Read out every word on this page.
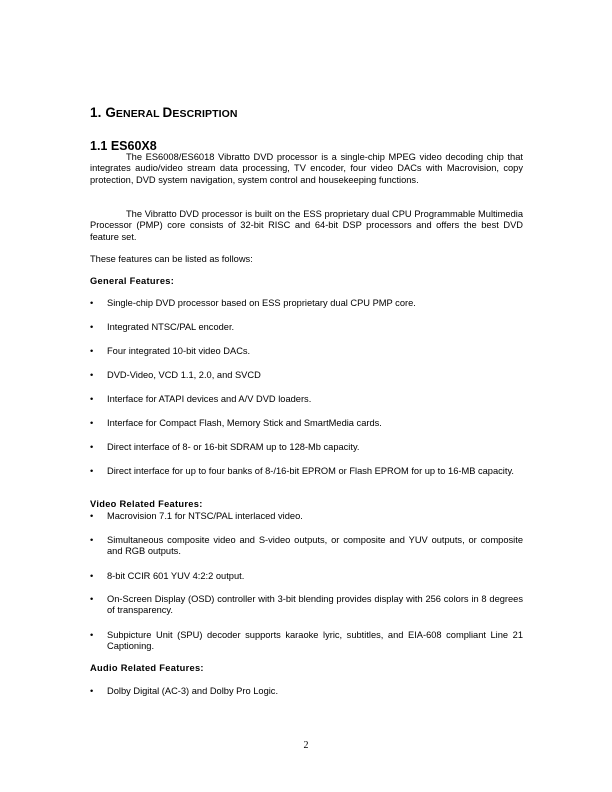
1. GENERAL DESCRIPTION
1.1 ES60X8
The ES6008/ES6018 Vibratto DVD processor is a single-chip MPEG video decoding chip that integrates audio/video stream data processing, TV encoder, four video DACs with Macrovision, copy protection, DVD system navigation, system control and housekeeping functions.
The Vibratto DVD processor is built on the ESS proprietary dual CPU Programmable Multimedia Processor (PMP) core consists of 32-bit RISC and 64-bit DSP processors and offers the best DVD feature set.
These features can be listed as follows:
General Features:
•	Single-chip DVD processor based on ESS proprietary dual CPU PMP core.
•	Integrated NTSC/PAL encoder.
•	Four integrated 10-bit video DACs.
•	DVD-Video, VCD 1.1, 2.0, and SVCD
•	Interface for ATAPI devices and A/V DVD loaders.
•	Interface for Compact Flash, Memory Stick and SmartMedia cards.
•	Direct interface of 8- or 16-bit SDRAM up to 128-Mb capacity.
•	Direct interface for up to four banks of 8-/16-bit EPROM or Flash EPROM for up to 16-MB capacity.
Video Related Features:
•	Macrovision 7.1 for NTSC/PAL interlaced video.
•	Simultaneous composite video and S-video outputs, or composite and YUV outputs, or composite and RGB outputs.
•	8-bit CCIR 601 YUV 4:2:2 output.
•	On-Screen Display (OSD) controller with 3-bit blending provides display with 256 colors in 8 degrees of transparency.
•	Subpicture Unit (SPU) decoder supports karaoke lyric, subtitles, and EIA-608 compliant Line 21 Captioning.
Audio Related Features:
•	Dolby Digital (AC-3) and Dolby Pro Logic.
2
